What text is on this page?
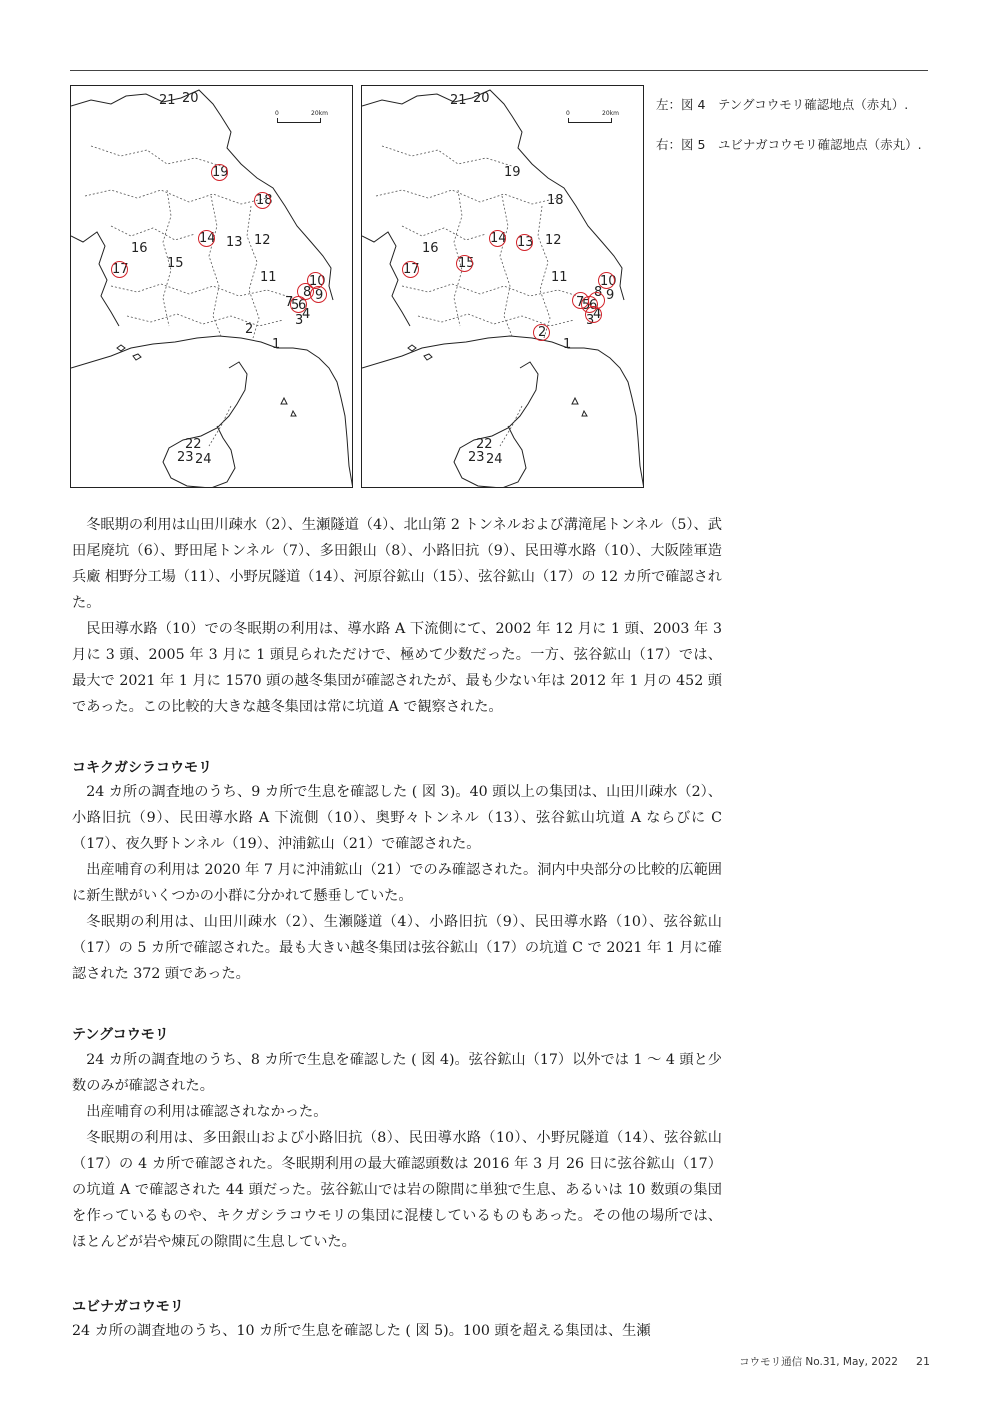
0	20km
21 20
19
18
14 13 12
16
15
17
11 10
8 9
7
5
6
3
4
2
1
22
23 24
0	20km
21 20
19
18
14 13 12
16
15
17
11 10
8 9
7
5
6
3
4
2
1
22
23 24
左：図 4　テングコウモリ確認地点（赤丸）.
右：図 5　ユビナガコウモリ確認地点（赤丸）.

冬眠期の利用は山田川疎水（2）、生瀬隧道（4）、北山第 2 トンネルおよび溝滝尾トンネル（5）、武田尾廃坑（6）、野田尾トンネル（7）、多田銀山（8）、小路旧抗（9）、民田導水路（10）、大阪陸軍造兵廠 相野分工場（11）、小野尻隧道（14）、河原谷鉱山（15）、弦谷鉱山（17）の 12 カ所で確認された。

民田導水路（10）での冬眠期の利用は、導水路 A 下流側にて、2002 年 12 月に 1 頭、2003 年 3 月に 3 頭、2005 年 3 月に 1 頭見られただけで、極めて少数だった。一方、弦谷鉱山（17）では、最大で 2021 年 1 月に 1570 頭の越冬集団が確認されたが、最も少ない年は 2012 年 1 月の 452 頭であった。この比較的大きな越冬集団は常に坑道 A で観察された。

コキクガシラコウモリ

24 カ所の調査地のうち、9 カ所で生息を確認した ( 図 3)。40 頭以上の集団は、山田川疎水（2）、小路旧抗（9）、民田導水路 A 下流側（10）、奥野々トンネル（13）、弦谷鉱山坑道 A ならびに C（17）、夜久野トンネル（19）、沖浦鉱山（21）で確認された。

出産哺育の利用は 2020 年 7 月に沖浦鉱山（21）でのみ確認された。洞内中央部分の比較的広範囲に新生獣がいくつかの小群に分かれて懸垂していた。

冬眠期の利用は、山田川疎水（2）、生瀬隧道（4）、小路旧抗（9）、民田導水路（10）、弦谷鉱山（17）の 5 カ所で確認された。最も大きい越冬集団は弦谷鉱山（17）の坑道 C で 2021 年 1 月に確認された 372 頭であった。

テングコウモリ

24 カ所の調査地のうち、8 カ所で生息を確認した ( 図 4)。弦谷鉱山（17）以外では 1 〜 4 頭と少数のみが確認された。

出産哺育の利用は確認されなかった。

冬眠期の利用は、多田銀山および小路旧抗（8）、民田導水路（10）、小野尻隧道（14）、弦谷鉱山（17）の 4 カ所で確認された。冬眠期利用の最大確認頭数は 2016 年 3 月 26 日に弦谷鉱山（17）の坑道 A で確認された 44 頭だった。弦谷鉱山では岩の隙間に単独で生息、あるいは 10 数頭の集団を作っているものや、キクガシラコウモリの集団に混棲しているものもあった。その他の場所では、ほとんどが岩や煉瓦の隙間に生息していた。

ユビナガコウモリ

24 カ所の調査地のうち、10 カ所で生息を確認した ( 図 5)。100 頭を超える集団は、生瀬

コウモリ通信 No.31, May, 2022 21
